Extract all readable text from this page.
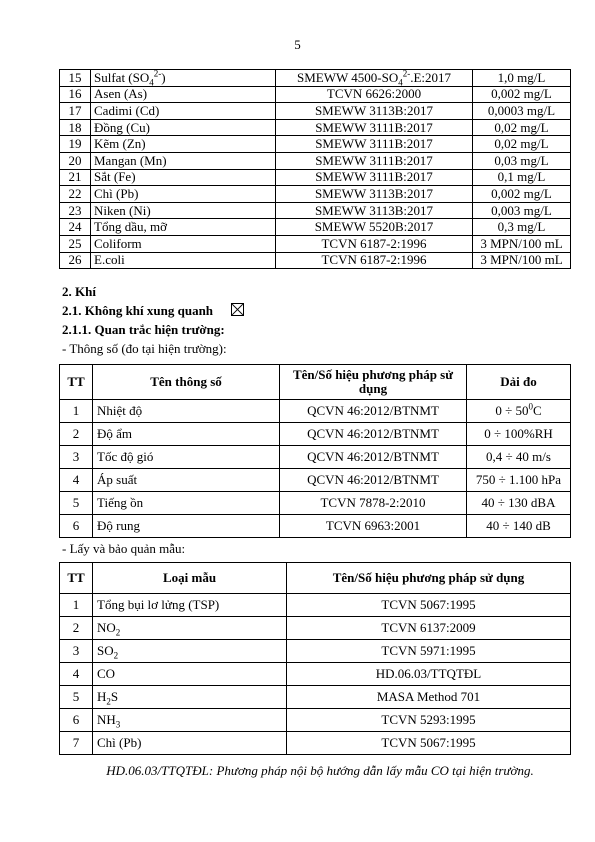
5
15	Sulfat $(SO_4^{2-})$	SMEWW $4500-SO_4^{2-}.E:2017$	1,0 mg/L
16	Asen (As)	TCVN 6626:2000	0,002 mg/L
17	Cadimi (Cd)	SMEWW 3113B:2017	0,0003 mg/L
18	Đồng (Cu)	SMEWW 3111B:2017	0,02 mg/L
19	Kẽm (Zn)	SMEWW 3111B:2017	0,02 mg/L
20	Mangan (Mn)	SMEWW 3111B:2017	0,03 mg/L
21	Sắt (Fe)	SMEWW 3111B:2017	0,1 mg/L
22	Chì (Pb)	SMEWW 3113B:2017	0,002 mg/L
23	Niken (Ni)	SMEWW 3113B:2017	0,003 mg/L
24	Tổng dầu, mỡ	SMEWW 5520B:2017	0,3 mg/L
25	Coliform	TCVN 6187-2:1996	3 MPN/100 mL
26	E.coli	TCVN 6187-2:1996	3 MPN/100 mL
2. Khí
2.1. Không khí xung quanh
2.1.1. Quan trắc hiện trường:
- Thông số (đo tại hiện trường):
TT	Tên thông số	Tên/Số hiệu phương pháp sử dụng	Dải đo
1	Nhiệt độ	QCVN 46:2012/BTNMT	$0 \div 50^0C$
2	Độ ẩm	QCVN 46:2012/BTNMT	0 ÷ 100%RH
3	Tốc độ gió	QCVN 46:2012/BTNMT	0,4 ÷ 40 m/s
4	Áp suất	QCVN 46:2012/BTNMT	750 ÷ 1.100 hPa
5	Tiếng ồn	TCVN 7878-2:2010	40 ÷ 130 dBA
6	Độ rung	TCVN 6963:2001	40 ÷ 140 dB
- Lấy và bảo quản mẫu:
TT	Loại mẫu	Tên/Số hiệu phương pháp sử dụng
1	Tổng bụi lơ lửng (TSP)	TCVN 5067:1995
2	$NO_2$	TCVN 6137:2009
3	$SO_2$	TCVN 5971:1995
4	CO	HD.06.03/TTQTĐL
5	$H_2S$	MASA Method 701
6	$NH_3$	TCVN 5293:1995
7	Chì (Pb)	TCVN 5067:1995
HD.06.03/TTQTĐL: Phương pháp nội bộ hướng dẫn lấy mẫu CO tại hiện trường.
